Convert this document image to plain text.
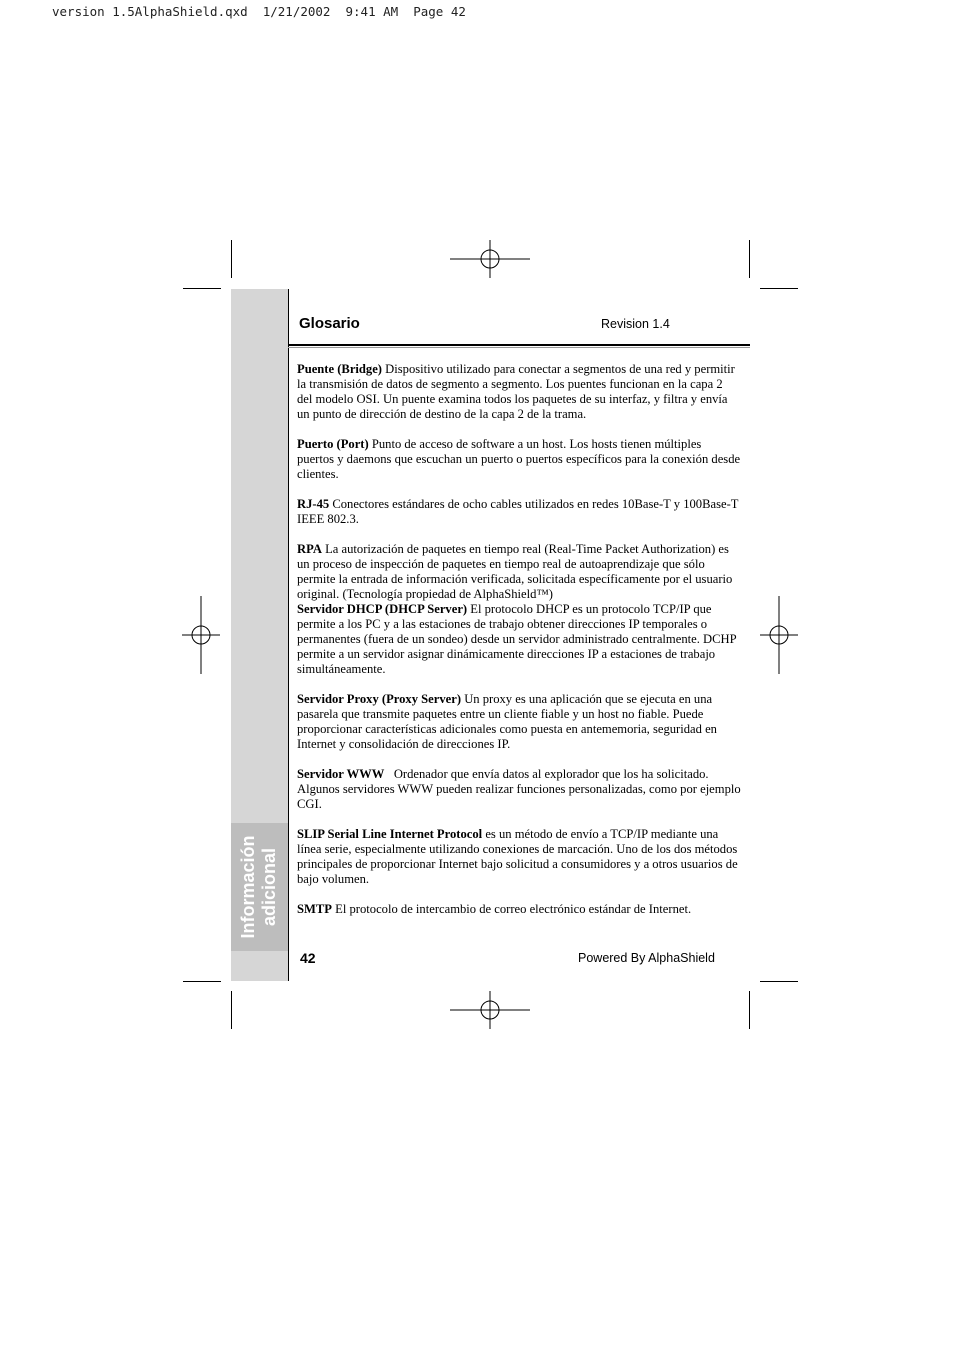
version 1.5AlphaShield.qxd  1/21/2002  9:41 AM  Page 42
Información adicional
Glosario	Revision 1.4

Puente (Bridge) Dispositivo utilizado para conectar a segmentos de una red y permitir la transmisión de datos de segmento a segmento. Los puentes funcionan en la capa 2 del modelo OSI. Un puente examina todos los paquetes de su interfaz, y filtra y envía un punto de dirección de destino de la capa 2 de la trama.

Puerto (Port) Punto de acceso de software a un host. Los hosts tienen múltiples puertos y daemons que escuchan un puerto o puertos específicos para la conexión desde clientes.

RJ-45 Conectores estándares de ocho cables utilizados en redes 10Base-T y 100Base-T IEEE 802.3.

RPA La autorización de paquetes en tiempo real (Real-Time Packet Authorization) es un proceso de inspección de paquetes en tiempo real de autoaprendizaje que sólo permite la entrada de información verificada, solicitada específicamente por el usuario original. (Tecnología propiedad de AlphaShield™)

Servidor DHCP (DHCP Server) El protocolo DHCP es un protocolo TCP/IP que permite a los PC y a las estaciones de trabajo obtener direcciones IP temporales o permanentes (fuera de un sondeo) desde un servidor administrado centralmente. DCHP permite a un servidor asignar dinámicamente direcciones IP a estaciones de trabajo simultáneamente.

Servidor Proxy (Proxy Server) Un proxy es una aplicación que se ejecuta en una pasarela que transmite paquetes entre un cliente fiable y un host no fiable. Puede proporcionar características adicionales como puesta en antememoria, seguridad en Internet y consolidación de direcciones IP.

Servidor WWW Ordenador que envía datos al explorador que los ha solicitado. Algunos servidores WWW pueden realizar funciones personalizadas, como por ejemplo CGI.

SLIP Serial Line Internet Protocol es un método de envío a TCP/IP mediante una línea serie, especialmente utilizando conexiones de marcación. Uno de los dos métodos principales de proporcionar Internet bajo solicitud a consumidores y a otros usuarios de bajo volumen.

SMTP El protocolo de intercambio de correo electrónico estándar de Internet.

42	Powered By AlphaShield
